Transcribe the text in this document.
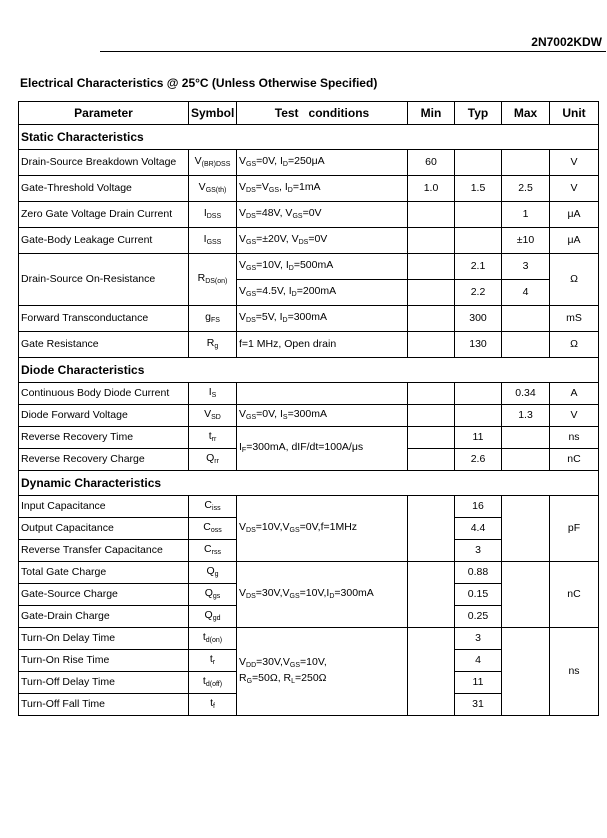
2N7002KDW
Electrical Characteristics @ 25°C (Unless Otherwise Specified)
Parameter	Symbol	Test   conditions	Min	Typ	Max	Unit
Static Characteristics						
Drain-Source Breakdown Voltage	$V_{(BR)DSS}$	$V_{GS}=0V$, $I_D=250\mu A$	60			V
Gate-Threshold Voltage	$V_{GS(th)}$	$V_{DS}=V_{GS}$, $I_D=1mA$	1.0	1.5	2.5	V
Zero Gate Voltage Drain Current	$I_{DSS}$	$V_{DS}=48V$, $V_{GS}=0V$			1	μA
Gate-Body Leakage Current	$I_{GSS}$	$V_{GS}=\pm 20V$, $V_{DS}=0V$			±10	μA
Drain-Source On-Resistance	$R_{DS(on)}$	$V_{GS}=10V$, $I_D=500mA$		2.1	3	Ω
		$V_{GS}=4.5V$, $I_D=200mA$		2.2	4	
Forward Transconductance	$g_{FS}$	$V_{DS}=5V$, $I_D=300mA$		300		mS
Gate Resistance	$R_g$	f=1 MHz, Open drain		130		Ω
Diode Characteristics						
Continuous Body Diode Current	$I_S$				0.34	A
Diode Forward Voltage	$V_{SD}$	$V_{GS}=0V$, $I_S=300mA$			1.3	V
Reverse Recovery Time	$t_{rr}$	$I_F=300mA$, dIF/dt=100A/μs		11		ns
Reverse Recovery Charge	$Q_{rr}$			2.6		nC
Dynamic Characteristics						
Input Capacitance	$C_{iss}$	$V_{DS}=10V,V_{GS}=0V,f=1MHz$		16		pF
Output Capacitance	$C_{oss}$			4.4		
Reverse Transfer Capacitance	$C_{rss}$			3		
Total Gate Charge	$Q_g$	$V_{DS}=30V,V_{GS}=10V,I_D=300mA$		0.88		nC
Gate-Source Charge	$Q_{gs}$			0.15		
Gate-Drain Charge	$Q_{gd}$			0.25		
Turn-On Delay Time	$t_{d(on)}$	$V_{DD}=30V,V_{GS}=10V$,
$R_G=50\Omega$, $R_L=250\Omega$		3		ns
Turn-On Rise Time	$t_r$			4		
Turn-Off Delay Time	$t_{d(off)}$			11		
Turn-Off Fall Time	$t_f$			31		
